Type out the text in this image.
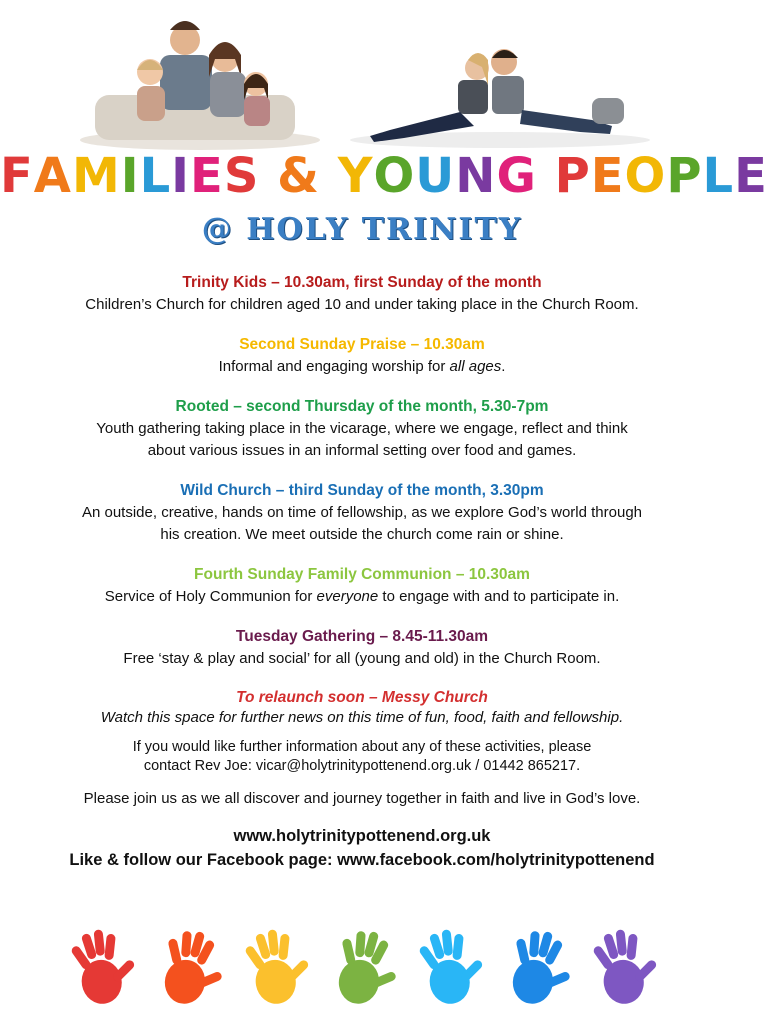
FAMILIES & YOUNG PEOPLE
@ HOLY TRINITY
Trinity Kids – 10.30am, first Sunday of the month
Children’s Church for children aged 10 and under taking place in the Church Room.
Second Sunday Praise – 10.30am
Informal and engaging worship for all ages.
Rooted – second Thursday of the month, 5.30-7pm
Youth gathering taking place in the vicarage, where we engage, reflect and think
about various issues in an informal setting over food and games.
Wild Church – third Sunday of the month, 3.30pm
An outside, creative, hands on time of fellowship, as we explore God’s world through
his creation. We meet outside the church come rain or shine.
Fourth Sunday Family Communion – 10.30am
Service of Holy Communion for everyone to engage with and to participate in.
Tuesday Gathering – 8.45-11.30am
Free ‘stay & play and social’ for all (young and old) in the Church Room.
To relaunch soon – Messy Church
Watch this space for further news on this time of fun, food, faith and fellowship.
If you would like further information about any of these activities, please
contact Rev Joe: vicar@holytrinitypottenend.org.uk / 01442 865217.
Please join us as we all discover and journey together in faith and live in God’s love.
www.holytrinitypottenend.org.uk
Like & follow our Facebook page: www.facebook.com/holytrinitypottenend
